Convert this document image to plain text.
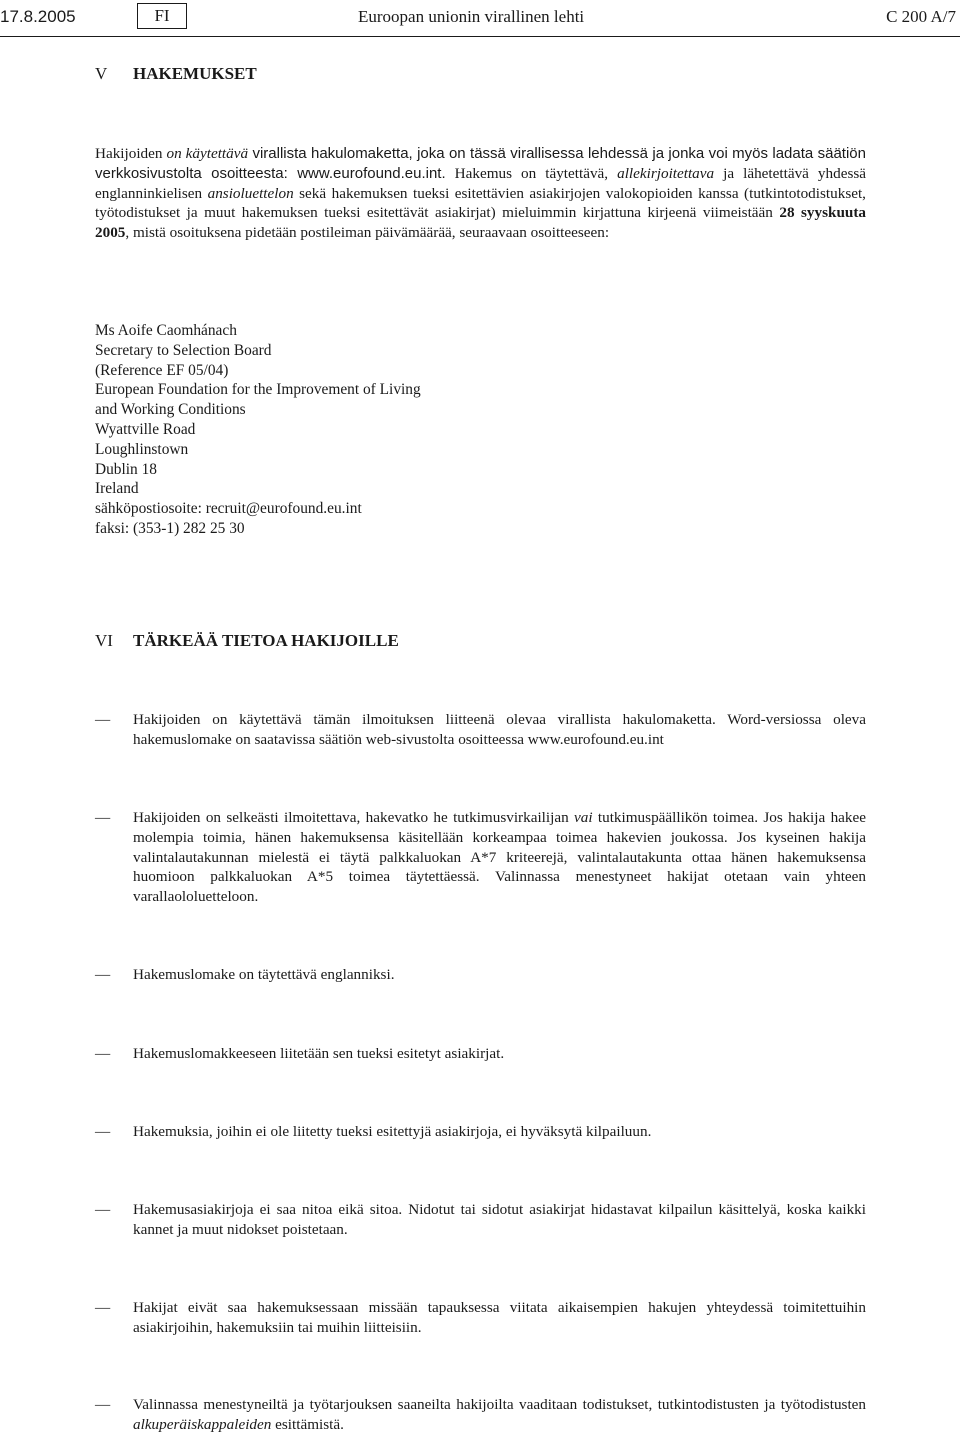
17.8.2005	FI	Euroopan unionin virallinen lehti	C 200 A/7
V HAKEMUKSET

Hakijoiden on käytettävä virallista hakulomaketta, joka on tässä virallisessa lehdessä ja jonka voi myös ladata säätiön verkkosivustolta osoitteesta: www.eurofound.eu.int. Hakemus on täytettävä, allekirjoitettava ja lähetettävä yhdessä englanninkielisen ansioluettelon sekä hakemuksen tueksi esitettävien asiakirjojen valokopioiden kanssa (tutkintotodistukset, työtodistukset ja muut hakemuksen tueksi esitettävät asiakirjat) mieluimmin kirjattuna kirjeenä viimeistään 28 syyskuuta 2005, mistä osoituksena pidetään postileiman päivämäärää, seuraavaan osoitteeseen:

Ms Aoife Caomhánach
Secretary to Selection Board
(Reference EF 05/04)
European Foundation for the Improvement of Living
and Working Conditions
Wyattville Road
Loughlinstown
Dublin 18
Ireland
sähköpostiosoite: recruit@eurofound.eu.int
faksi: (353-1) 282 25 30
VI TÄRKEÄÄ TIETOA HAKIJOILLE
— Hakijoiden on käytettävä tämän ilmoituksen liitteenä olevaa virallista hakulomaketta. Word-versiossa oleva hakemuslomake on saatavissa säätiön web-sivustolta osoitteessa www.eurofound.eu.int

— Hakijoiden on selkeästi ilmoitettava, hakevatko he tutkimusvirkailijan vai tutkimuspäällikön toimea. Jos hakija hakee molempia toimia, hänen hakemuksensa käsitellään korkeampaa toimea hakevien joukossa. Jos kyseinen hakija valintalautakunnan mielestä ei täytä palkkaluokan A*7 kriteerejä, valintalautakunta ottaa hänen hakemuksensa huomioon palkkaluokan A*5 toimea täytettäessä. Valinnassa menestyneet hakijat otetaan vain yhteen varallaololuetteloon.

— Hakemuslomake on täytettävä englanniksi.

— Hakemuslomakkeeseen liitetään sen tueksi esitetyt asiakirjat.

— Hakemuksia, joihin ei ole liitetty tueksi esitettyjä asiakirjoja, ei hyväksytä kilpailuun.

— Hakemusasiakirjoja ei saa nitoa eikä sitoa. Nidotut tai sidotut asiakirjat hidastavat kilpailun käsittelyä, koska kaikki kannet ja muut nidokset poistetaan.

— Hakijat eivät saa hakemuksessaan missään tapauksessa viitata aikaisempien hakujen yhteydessä toimitettuihin asiakirjoihin, hakemuksiin tai muihin liitteisiin.

— Valinnassa menestyneiltä ja työtarjouksen saaneilta hakijoilta vaaditaan todistukset, tutkintodistusten ja työtodistusten alkuperäiskappaleiden esittämistä.
